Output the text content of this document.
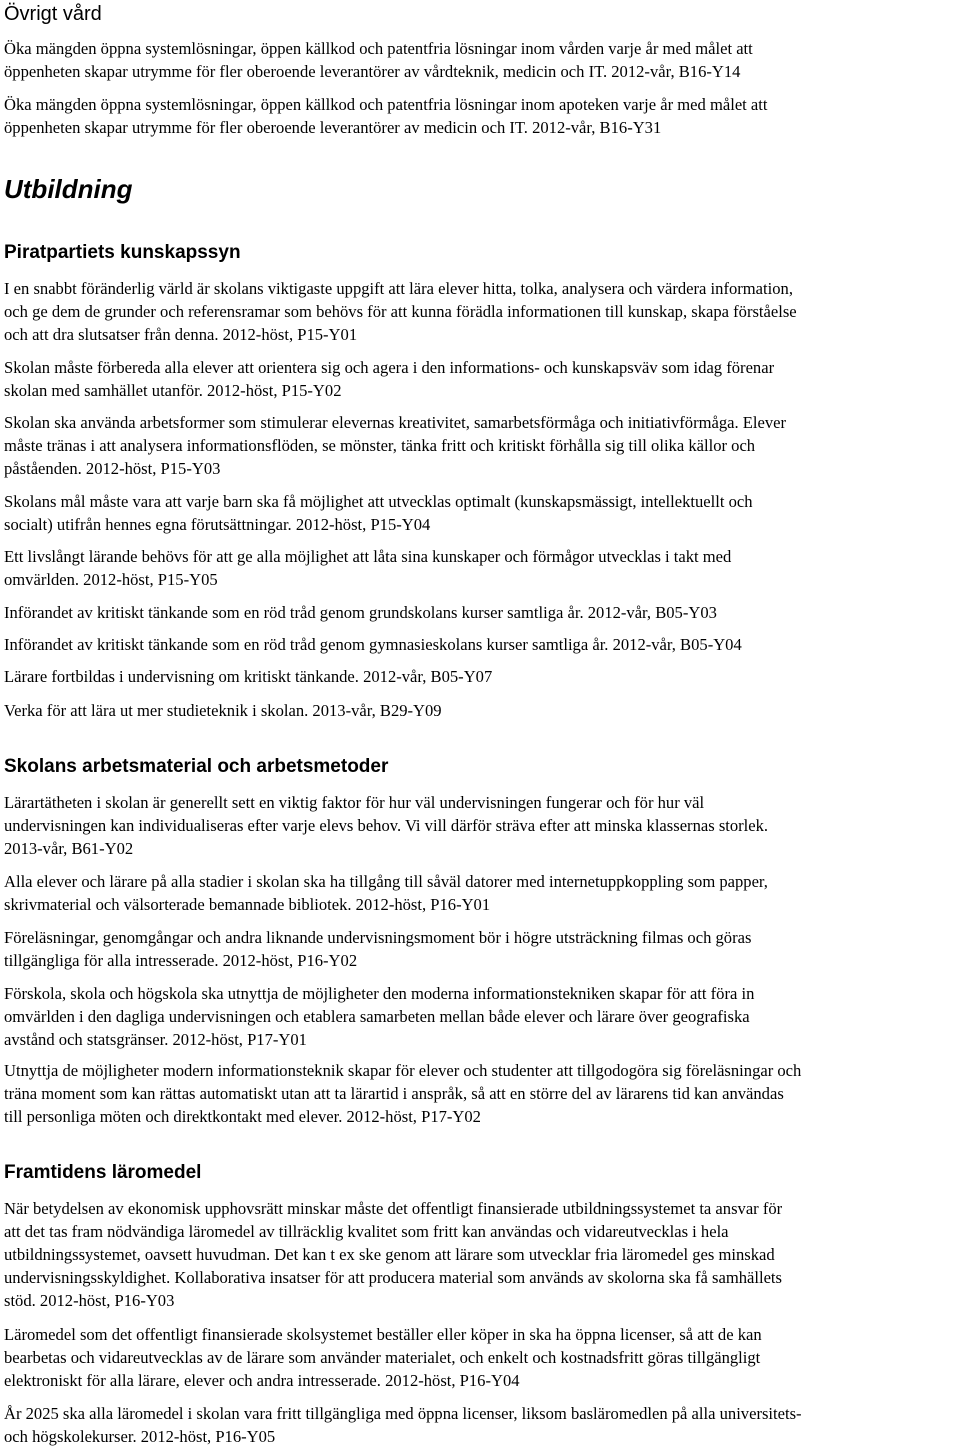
Övrigt vård
Öka mängden öppna systemlösningar, öppen källkod och patentfria lösningar inom vården varje år med målet att
öppenheten skapar utrymme för fler oberoende leverantörer av vårdteknik, medicin och IT. 2012-vår, B16-Y14
Öka mängden öppna systemlösningar, öppen källkod och patentfria lösningar inom apoteken varje år med målet att
öppenheten skapar utrymme för fler oberoende leverantörer av medicin och IT. 2012-vår, B16-Y31
Utbildning
Piratpartiets kunskapssyn
I en snabbt föränderlig värld är skolans viktigaste uppgift att lära elever hitta, tolka, analysera och värdera information,
och ge dem de grunder och referensramar som behövs för att kunna förädla informationen till kunskap, skapa förståelse
och att dra slutsatser från denna. 2012-höst, P15-Y01
Skolan måste förbereda alla elever att orientera sig och agera i den informations- och kunskapsväv som idag förenar
skolan med samhället utanför. 2012-höst, P15-Y02
Skolan ska använda arbetsformer som stimulerar elevernas kreativitet, samarbetsförmåga och initiativförmåga. Elever
måste tränas i att analysera informationsflöden, se mönster, tänka fritt och kritiskt förhålla sig till olika källor och
påståenden. 2012-höst, P15-Y03
Skolans mål måste vara att varje barn ska få möjlighet att utvecklas optimalt (kunskapsmässigt, intellektuellt och
socialt) utifrån hennes egna förutsättningar. 2012-höst, P15-Y04
Ett livslångt lärande behövs för att ge alla möjlighet att låta sina kunskaper och förmågor utvecklas i takt med
omvärlden. 2012-höst, P15-Y05
Införandet av kritiskt tänkande som en röd tråd genom grundskolans kurser samtliga år. 2012-vår, B05-Y03
Införandet av kritiskt tänkande som en röd tråd genom gymnasieskolans kurser samtliga år. 2012-vår, B05-Y04
Lärare fortbildas i undervisning om kritiskt tänkande. 2012-vår, B05-Y07
Verka för att lära ut mer studieteknik i skolan. 2013-vår, B29-Y09
Skolans arbetsmaterial och arbetsmetoder
Lärartätheten i skolan är generellt sett en viktig faktor för hur väl undervisningen fungerar och för hur väl
undervisningen kan individualiseras efter varje elevs behov. Vi vill därför sträva efter att minska klassernas storlek.
2013-vår, B61-Y02
Alla elever och lärare på alla stadier i skolan ska ha tillgång till såväl datorer med internetuppkoppling som papper,
skrivmaterial och välsorterade bemannade bibliotek. 2012-höst, P16-Y01
Föreläsningar, genomgångar och andra liknande undervisningsmoment bör i högre utsträckning filmas och göras
tillgängliga för alla intresserade. 2012-höst, P16-Y02
Förskola, skola och högskola ska utnyttja de möjligheter den moderna informationstekniken skapar för att föra in
omvärlden i den dagliga undervisningen och etablera samarbeten mellan både elever och lärare över geografiska
avstånd och statsgränser. 2012-höst, P17-Y01
Utnyttja de möjligheter modern informationsteknik skapar för elever och studenter att tillgodogöra sig föreläsningar och
träna moment som kan rättas automatiskt utan att ta lärartid i anspråk, så att en större del av lärarens tid kan användas
till personliga möten och direktkontakt med elever. 2012-höst, P17-Y02
Framtidens läromedel
När betydelsen av ekonomisk upphovsrätt minskar måste det offentligt finansierade utbildningssystemet ta ansvar för
att det tas fram nödvändiga läromedel av tillräcklig kvalitet som fritt kan användas och vidareutvecklas i hela
utbildningssystemet, oavsett huvudman. Det kan t ex ske genom att lärare som utvecklar fria läromedel ges minskad
undervisningsskyldighet. Kollaborativa insatser för att producera material som används av skolorna ska få samhällets
stöd. 2012-höst, P16-Y03
Läromedel som det offentligt finansierade skolsystemet beställer eller köper in ska ha öppna licenser, så att de kan
bearbetas och vidareutvecklas av de lärare som använder materialet, och enkelt och kostnadsfritt göras tillgängligt
elektroniskt för alla lärare, elever och andra intresserade. 2012-höst, P16-Y04
År 2025 ska alla läromedel i skolan vara fritt tillgängliga med öppna licenser, liksom basläromedlen på alla universitets-
och högskolekurser. 2012-höst, P16-Y05
